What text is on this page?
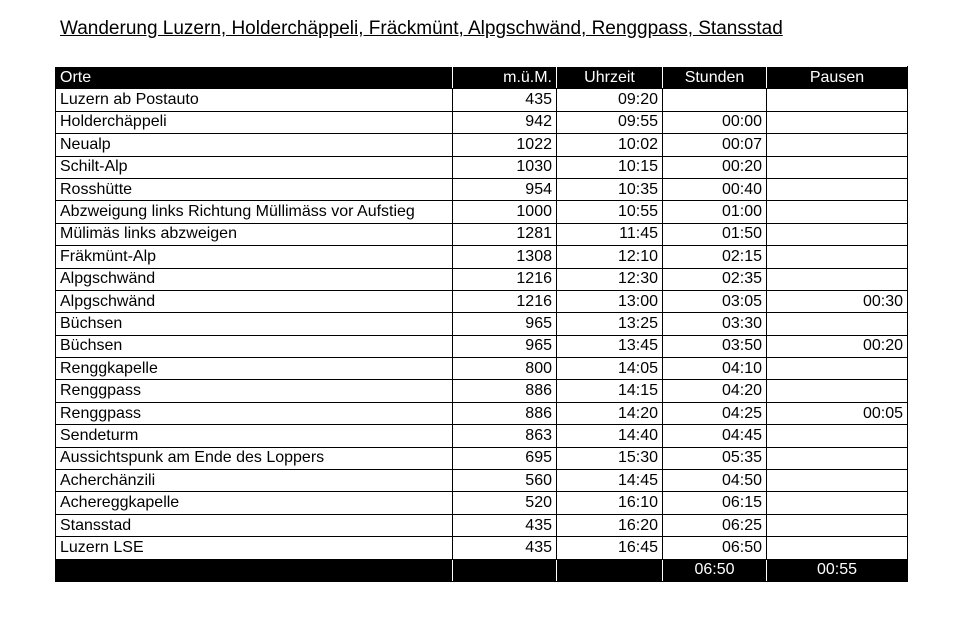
Wanderung Luzern, Holderchäppeli, Fräckmünt, Alpgschwänd, Renggpass, Stansstad
Orte	m.ü.M.	Uhrzeit	Stunden	Pausen
Luzern ab Postauto	435	09:20		
Holderchäppeli	942	09:55	00:00	
Neualp	1022	10:02	00:07	
Schilt-Alp	1030	10:15	00:20	
Rosshütte	954	10:35	00:40	
Abzweigung links Richtung Müllimäss vor Aufstieg	1000	10:55	01:00	
Mülimäs links abzweigen	1281	11:45	01:50	
Fräkmünt-Alp	1308	12:10	02:15	
Alpgschwänd	1216	12:30	02:35	
Alpgschwänd	1216	13:00	03:05	00:30
Büchsen	965	13:25	03:30	
Büchsen	965	13:45	03:50	00:20
Renggkapelle	800	14:05	04:10	
Renggpass	886	14:15	04:20	
Renggpass	886	14:20	04:25	00:05
Sendeturm	863	14:40	04:45	
Aussichtspunk am Ende des Loppers	695	15:30	05:35	
Acherchänzili	560	14:45	04:50	
Achereggkapelle	520	16:10	06:15	
Stansstad	435	16:20	06:25	
Luzern LSE	435	16:45	06:50	
			06:50	00:55
